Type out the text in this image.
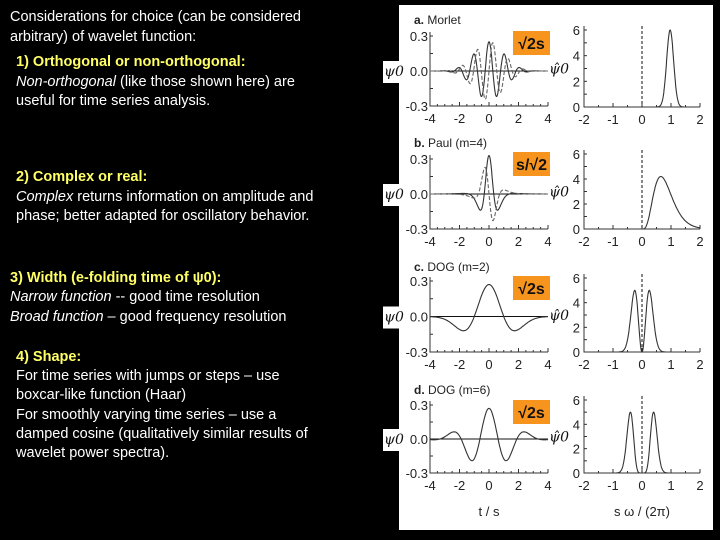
Considerations for choice (can be considered
arbitrary) of wavelet function:
1) Orthogonal or non-orthogonal:
Non-orthogonal (like those shown here) are
useful for time series analysis.
2) Complex or real:
Complex returns information on amplitude and
phase; better adapted for oscillatory behavior.
3) Width (e-folding time of ψ0):
Narrow function -- good time resolution
Broad function – good frequency resolution
4) Shape:
For time series with jumps or steps – use
boxcar-like function (Haar)
For smoothly varying time series – use a
damped cosine (qualitatively similar results of
wavelet power spectra).
a. Morlet
-4 -2 0 2 4 -2 -1 0 1 2
0.3
0.0
-0.3
6
4
2
0
ψ0	ψ̂0
√2s
b. Paul (m=4)
-4 -2 0 2 4 -2 -1 0 1 2
0.3
0.0
-0.3
6
4
2
0
ψ0	ψ̂0
s/√2
c. DOG (m=2)
-4 -2 0 2 4 -2 -1 0 1 2
0.3
0.0
-0.3
6
4
2
0
ψ0	ψ̂0
√2s
d. DOG (m=6)
-4 -2 0 2 4 -2 -1 0 1 2
0.3
0.0
-0.3
6
4
2
0
ψ0	ψ̂0
√2s
t / s	s ω / (2π)
